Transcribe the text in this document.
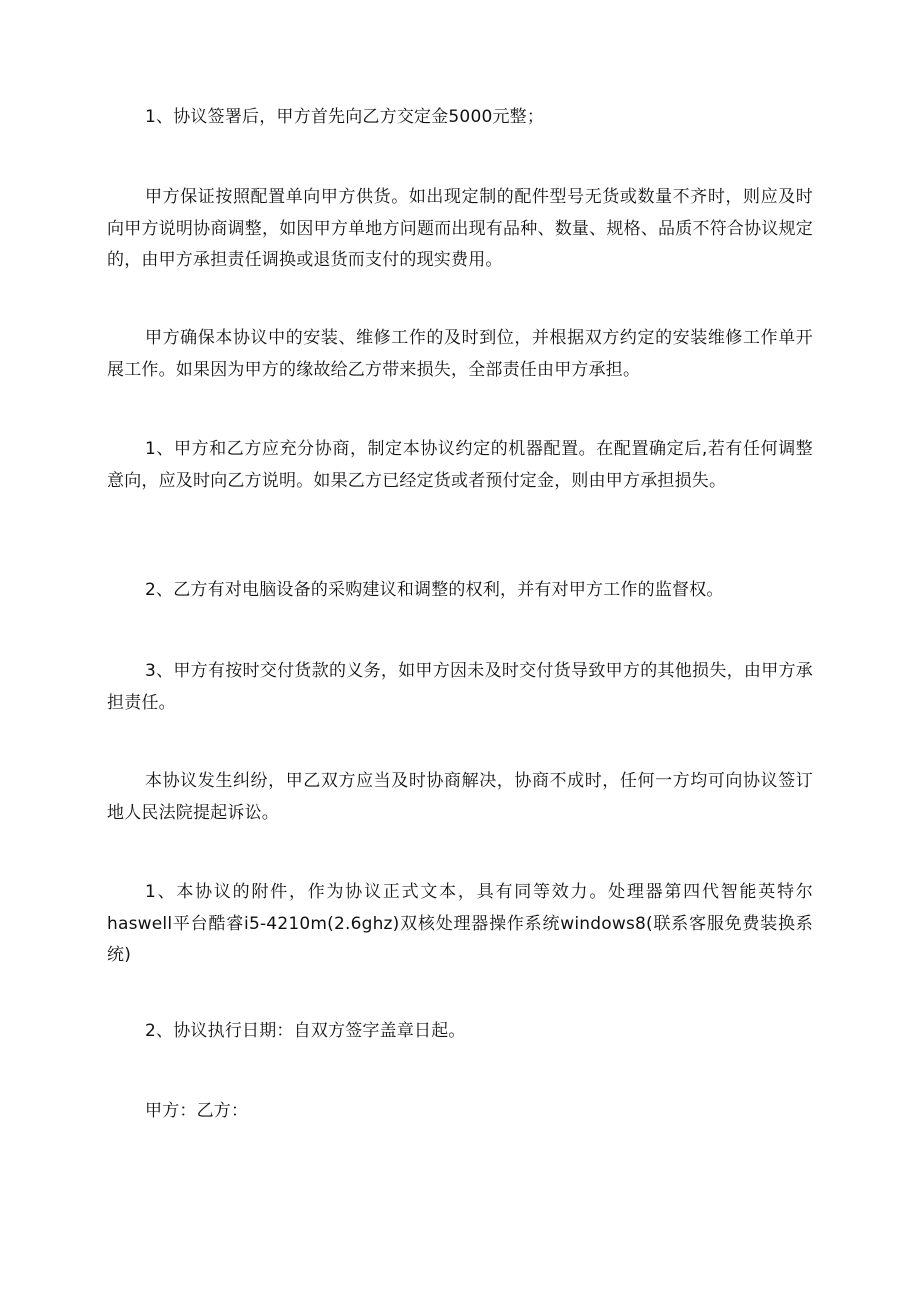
1、协议签署后，甲方首先向乙方交定金5000元整；

甲方保证按照配置单向甲方供货。如出现定制的配件型号无货或数量不齐时，则应及时向甲方说明协商调整，如因甲方单地方问题而出现有品种、数量、规格、品质不符合协议规定的，由甲方承担责任调换或退货而支付的现实费用。

甲方确保本协议中的安装、维修工作的及时到位，并根据双方约定的安装维修工作单开展工作。如果因为甲方的缘故给乙方带来损失，全部责任由甲方承担。

1、甲方和乙方应充分协商，制定本协议约定的机器配置。在配置确定后,若有任何调整意向，应及时向乙方说明。如果乙方已经定货或者预付定金，则由甲方承担损失。

2、乙方有对电脑设备的采购建议和调整的权利，并有对甲方工作的监督权。

3、甲方有按时交付货款的义务，如甲方因未及时交付货导致甲方的其他损失，由甲方承担责任。

本协议发生纠纷，甲乙双方应当及时协商解决，协商不成时，任何一方均可向协议签订地人民法院提起诉讼。

1、本协议的附件，作为协议正式文本，具有同等效力。处理器第四代智能英特尔haswell平台酷睿i5-4210m(2.6ghz)双核处理器操作系统windows8(联系客服免费装换系统)

2、协议执行日期：自双方签字盖章日起。

甲方：乙方：
